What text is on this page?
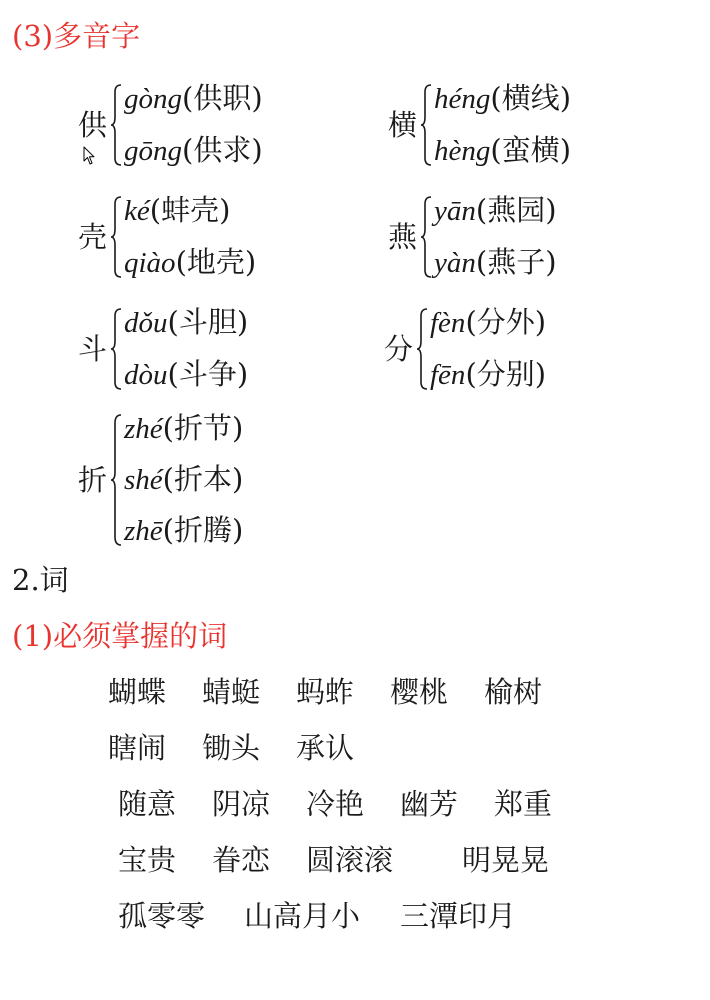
(3)多音字
供
gòng(供职)
gōng(供求)
横
héng(横线)
hèng(蛮横)
壳
ké(蚌壳)
qiào(地壳)
燕
yān(燕园)
yàn(燕子)
斗
dǒu(斗胆)
dòu(斗争)
分
fèn(分外)
fēn(分别)
折
zhé(折节)
shé(折本)
zhē(折腾)
2.词
(1)必须掌握的词
蝴蝶 蜻蜓 蚂蚱 樱桃 榆树
瞎闹 锄头 承认
随意 阴凉 冷艳 幽芳 郑重
宝贵 眷恋 圆滚滚 明晃晃
孤零零 山高月小 三潭印月
